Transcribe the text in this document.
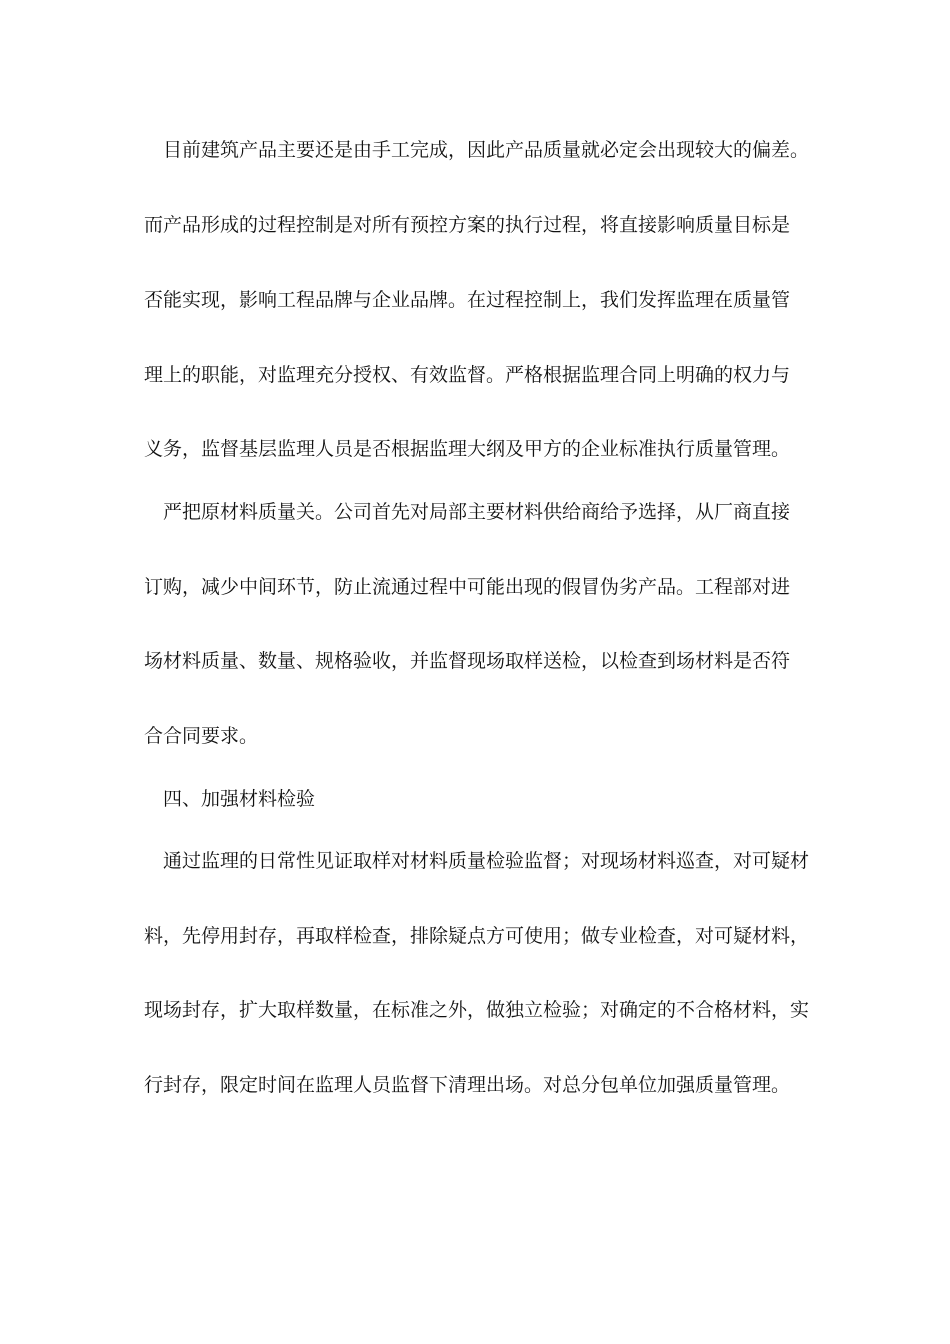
目前建筑产品主要还是由手工完成，因此产品质量就必定会出现较大的偏差。
而产品形成的过程控制是对所有预控方案的执行过程，将直接影响质量目标是
否能实现，影响工程品牌与企业品牌。在过程控制上，我们发挥监理在质量管
理上的职能，对监理充分授权、有效监督。严格根据监理合同上明确的权力与
义务，监督基层监理人员是否根据监理大纲及甲方的企业标准执行质量管理。
严把原材料质量关。公司首先对局部主要材料供给商给予选择，从厂商直接
订购，减少中间环节，防止流通过程中可能出现的假冒伪劣产品。工程部对进
场材料质量、数量、规格验收，并监督现场取样送检，以检查到场材料是否符
合合同要求。
四、加强材料检验
通过监理的日常性见证取样对材料质量检验监督；对现场材料巡查，对可疑材
料，先停用封存，再取样检查，排除疑点方可使用；做专业检查，对可疑材料，
现场封存，扩大取样数量，在标准之外，做独立检验；对确定的不合格材料，实
行封存，限定时间在监理人员监督下清理出场。对总分包单位加强质量管理。
